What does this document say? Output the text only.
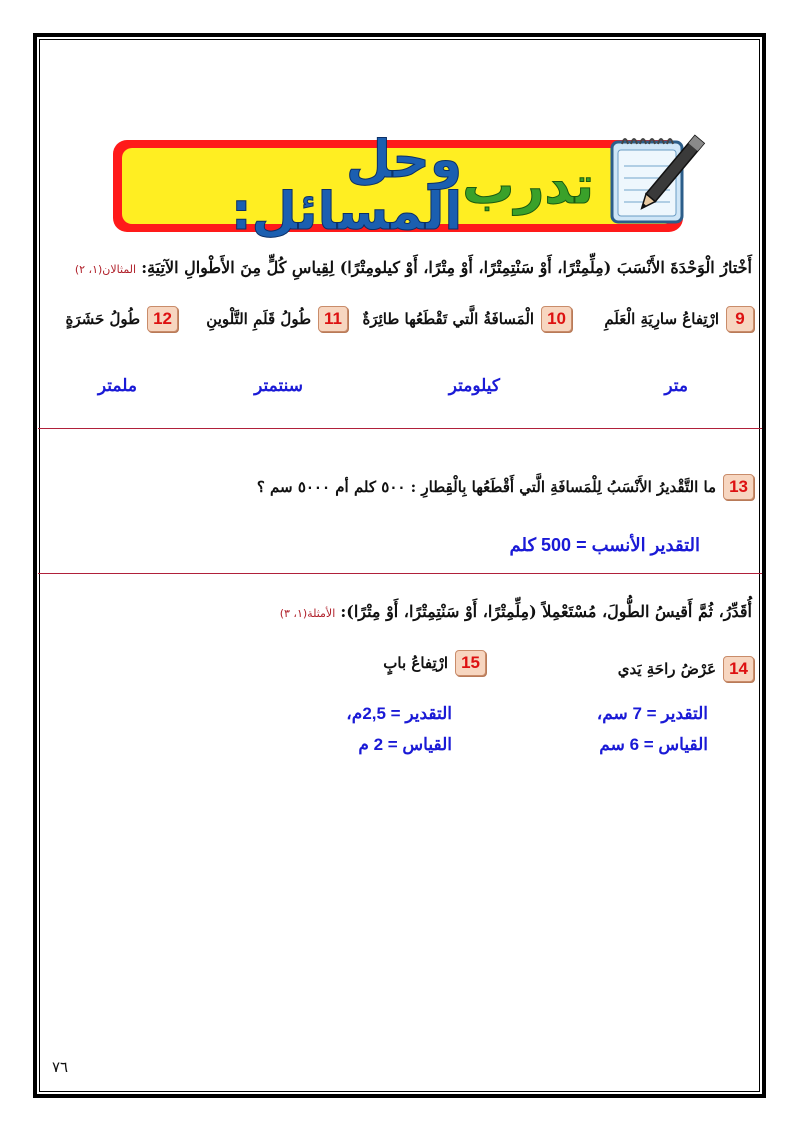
تدرب
وحل المسائل:
أَخْتارُ الْوَحْدَةَ الأَنْسَبَ (مِلِّمِتْرًا، أَوْ سَنْتِمِتْرًا، أَوْ مِتْرًا، أَوْ كيلومِتْرًا) لِقِياسِ كُلٍّ مِنَ الأَطْوالِ الآتِيَةِ: المثالان(١، ٢)
9
ارْتِفاعُ سارِيَةِ الْعَلَمِ
10
الْمَسافَةُ الَّتي تَقْطَعُها طائِرَةٌ
11
طُولُ قَلَمِ التَّلْوينِ
12
طُولُ حَشَرَةٍ
متر
كيلومتر
سنتمتر
ملمتر
13
ما التَّقْديرُ الأَنْسَبُ لِلْمَسافَةِ الَّتي أَقْطَعُها بِالْقِطارِ : ٥٠٠ كلم أم ٥٠٠٠ سم ؟
التقدير الأنسب = 500 كلم
أُقَدِّرُ، ثُمَّ أَقيسُ الطُّولَ، مُسْتَعْمِلاً (مِلِّمِتْرًا، أَوْ سَنْتِمِتْرًا، أَوْ مِتْرًا): الأمثلة(١، ٣)
14
عَرْضُ راحَةِ يَدي
15
ارْتِفاعُ بابٍ
التقدير = 7 سم،
القياس = 6 سم
التقدير = 2,5م،
القياس = 2 م
٧٦
